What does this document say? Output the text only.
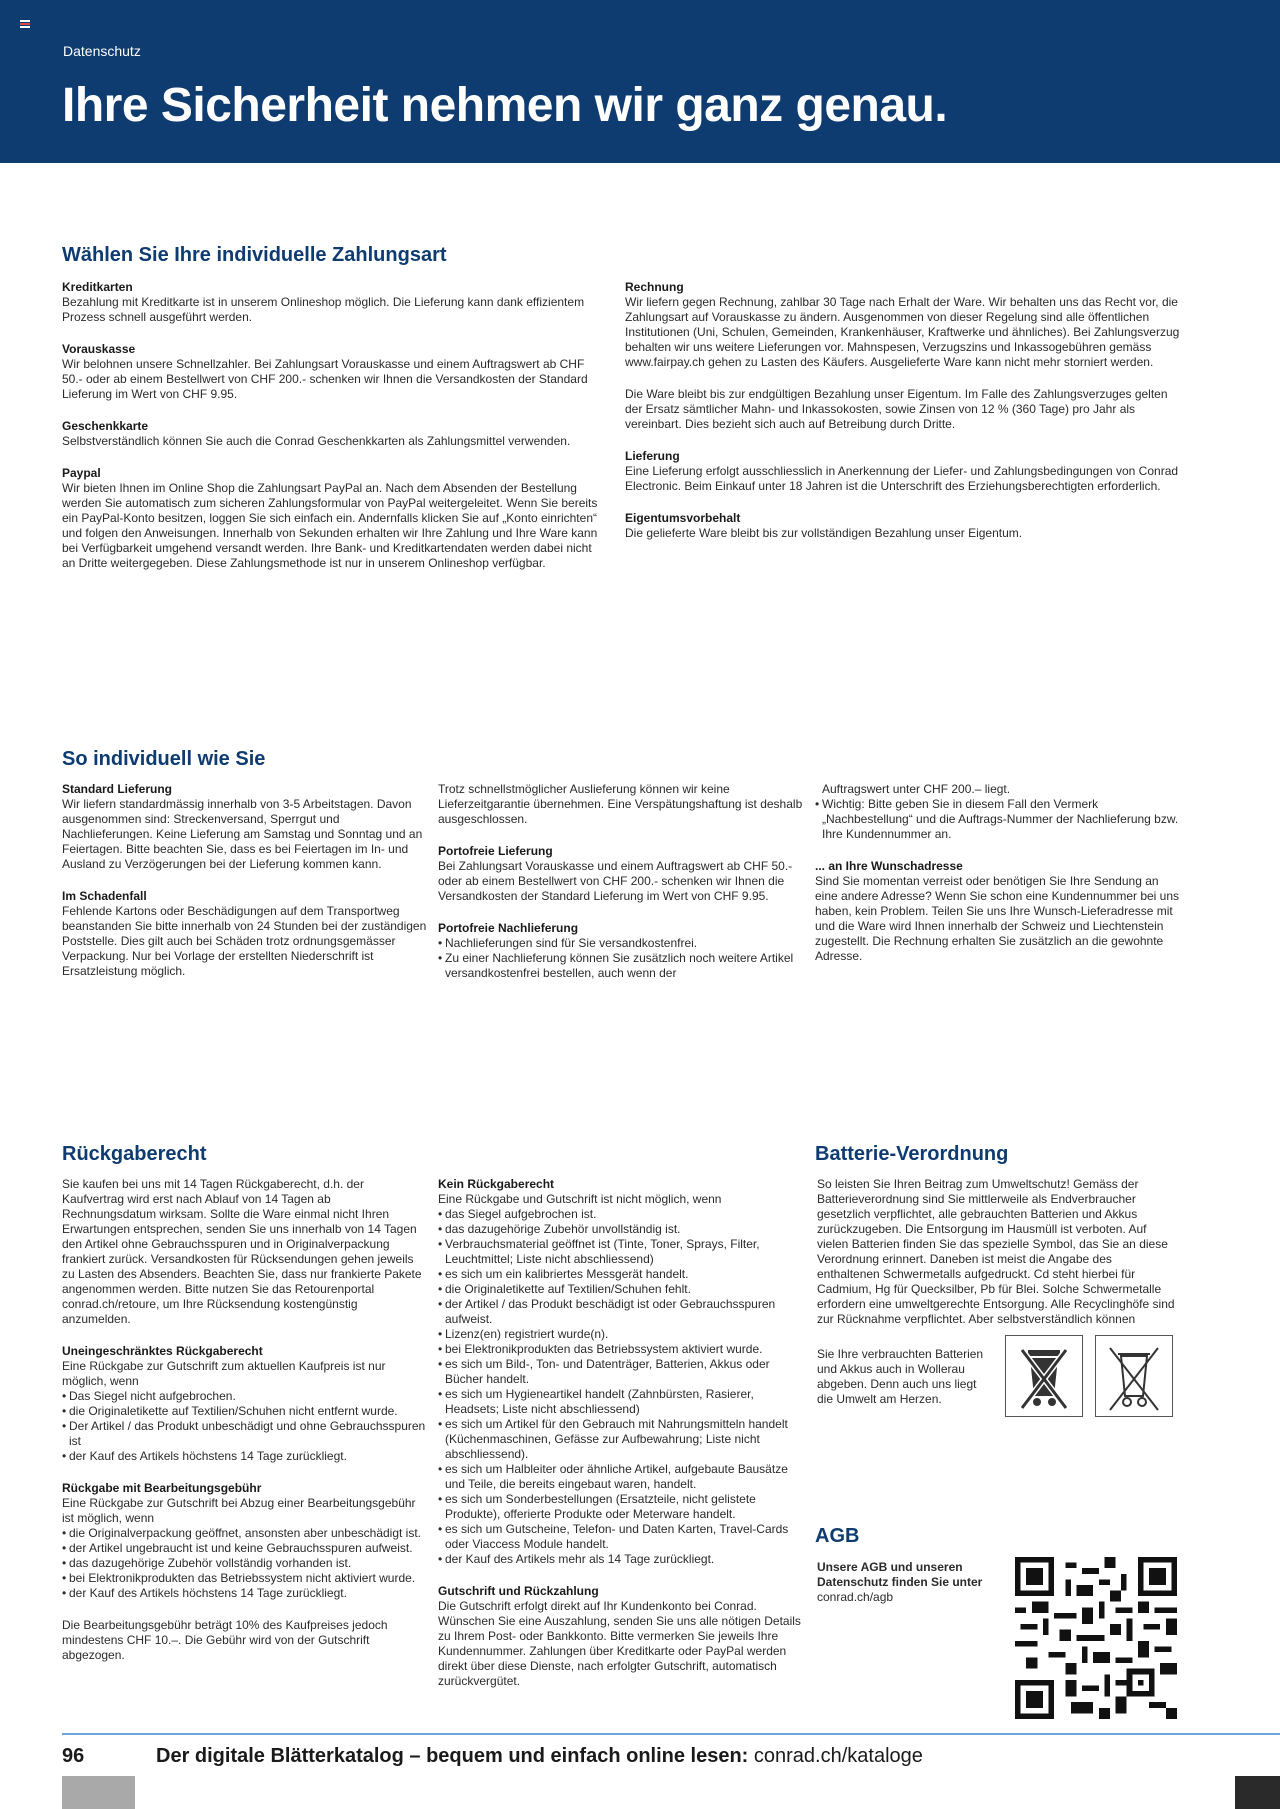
Datenschutz
Ihre Sicherheit nehmen wir ganz genau.
Wählen Sie Ihre individuelle Zahlungsart

Kreditkarten

Bezahlung mit Kreditkarte ist in unserem Onlineshop möglich. Die Lieferung kann dank effizientem Prozess schnell ausgeführt werden.

Vorauskasse

Wir belohnen unsere Schnellzahler. Bei Zahlungsart Vorauskasse und einem Auftragswert ab CHF 50.- oder ab einem Bestellwert von CHF 200.- schenken wir Ihnen die Versandkosten der Standard Lieferung im Wert von CHF 9.95.

Geschenkkarte

Selbstverständlich können Sie auch die Conrad Geschenkkarten als Zahlungsmittel verwenden.

Paypal

Wir bieten Ihnen im Online Shop die Zahlungsart PayPal an. Nach dem Absenden der Bestellung werden Sie automatisch zum sicheren Zahlungsformular von PayPal weitergeleitet. Wenn Sie bereits ein PayPal-Konto besitzen, loggen Sie sich einfach ein. Andernfalls klicken Sie auf „Konto einrichten“ und folgen den Anweisungen. Innerhalb von Sekunden erhalten wir Ihre Zahlung und Ihre Ware kann bei Verfügbarkeit umgehend versandt werden. Ihre Bank- und Kreditkartendaten werden dabei nicht an Dritte weitergegeben. Diese Zahlungsmethode ist nur in unserem Onlineshop verfügbar.

Rechnung

Wir liefern gegen Rechnung, zahlbar 30 Tage nach Erhalt der Ware. Wir behalten uns das Recht vor, die Zahlungsart auf Vorauskasse zu ändern. Ausgenommen von dieser Regelung sind alle öffentlichen Institutionen (Uni, Schulen, Gemeinden, Krankenhäuser, Kraftwerke und ähnliches). Bei Zahlungsverzug behalten wir uns weitere Lieferungen vor. Mahnspesen, Verzugszins und Inkassogebühren gemäss www.fairpay.ch gehen zu Lasten des Käufers. Ausgelieferte Ware kann nicht mehr storniert werden.

Die Ware bleibt bis zur endgültigen Bezahlung unser Eigentum. Im Falle des Zahlungsverzuges gelten der Ersatz sämtlicher Mahn- und Inkassokosten, sowie Zinsen von 12 % (360 Tage) pro Jahr als vereinbart. Dies bezieht sich auch auf Betreibung durch Dritte.

Lieferung

Eine Lieferung erfolgt ausschliesslich in Anerkennung der Liefer- und Zahlungsbedingungen von Conrad Electronic. Beim Einkauf unter 18 Jahren ist die Unterschrift des Erziehungsberechtigten erforderlich.

Eigentumsvorbehalt

Die gelieferte Ware bleibt bis zur vollständigen Bezahlung unser Eigentum.

So individuell wie Sie

Standard Lieferung

Wir liefern standardmässig innerhalb von 3-5 Arbeitstagen. Davon ausgenommen sind: Streckenversand, Sperrgut und Nachlieferungen. Keine Lieferung am Samstag und Sonntag und an Feiertagen. Bitte beachten Sie, dass es bei Feiertagen im In- und Ausland zu Verzögerungen bei der Lieferung kommen kann.

Im Schadenfall

Fehlende Kartons oder Beschädigungen auf dem Transportweg beanstanden Sie bitte innerhalb von 24 Stunden bei der zuständigen Poststelle. Dies gilt auch bei Schäden trotz ordnungsgemässer Verpackung. Nur bei Vorlage der erstellten Niederschrift ist Ersatzleistung möglich.

Trotz schnellstmöglicher Auslieferung können wir keine Lieferzeitgarantie übernehmen. Eine Verspätungshaftung ist deshalb ausgeschlossen.

Portofreie Lieferung

Bei Zahlungsart Vorauskasse und einem Auftragswert ab CHF 50.- oder ab einem Bestellwert von CHF 200.- schenken wir Ihnen die Versandkosten der Standard Lieferung im Wert von CHF 9.95.

Portofreie Nachlieferung

• Nachlieferungen sind für Sie versandkostenfrei.
• Zu einer Nachlieferung können Sie zusätzlich noch weitere Artikel versandkostenfrei bestellen, auch wenn der

Auftragswert unter CHF 200.– liegt.

• Wichtig: Bitte geben Sie in diesem Fall den Vermerk „Nachbestellung“ und die Auftrags-Nummer der Nachlieferung bzw. Ihre Kundennummer an.

... an Ihre Wunschadresse

Sind Sie momentan verreist oder benötigen Sie Ihre Sendung an eine andere Adresse? Wenn Sie schon eine Kundennummer bei uns haben, kein Problem. Teilen Sie uns Ihre Wunsch-Lieferadresse mit und die Ware wird Ihnen innerhalb der Schweiz und Liechtenstein zugestellt. Die Rechnung erhalten Sie zusätzlich an die gewohnte Adresse.

Rückgaberecht

Sie kaufen bei uns mit 14 Tagen Rückgaberecht, d.h. der Kaufvertrag wird erst nach Ablauf von 14 Tagen ab Rechnungsdatum wirksam. Sollte die Ware einmal nicht Ihren Erwartungen entsprechen, senden Sie uns innerhalb von 14 Tagen den Artikel ohne Gebrauchsspuren und in Originalverpackung frankiert zurück. Versandkosten für Rücksendungen gehen jeweils zu Lasten des Absenders. Beachten Sie, dass nur frankierte Pakete angenommen werden. Bitte nutzen Sie das Retourenportal conrad.ch/retoure, um Ihre Rücksendung kostengünstig anzumelden.

Uneingeschränktes Rückgaberecht

Eine Rückgabe zur Gutschrift zum aktuellen Kaufpreis ist nur möglich, wenn

• Das Siegel nicht aufgebrochen.
• die Originaletikette auf Textilien/Schuhen nicht entfernt wurde.
• Der Artikel / das Produkt unbeschädigt und ohne Gebrauchsspuren ist
• der Kauf des Artikels höchstens 14 Tage zurückliegt.

Rückgabe mit Bearbeitungsgebühr

Eine Rückgabe zur Gutschrift bei Abzug einer Bearbeitungsgebühr ist möglich, wenn

• die Originalverpackung geöffnet, ansonsten aber unbeschädigt ist.
• der Artikel ungebraucht ist und keine Gebrauchsspuren aufweist.
• das dazugehörige Zubehör vollständig vorhanden ist.
• bei Elektronikprodukten das Betriebssystem nicht aktiviert wurde.
• der Kauf des Artikels höchstens 14 Tage zurückliegt.

Die Bearbeitungsgebühr beträgt 10% des Kaufpreises jedoch mindestens CHF 10.–. Die Gebühr wird von der Gutschrift abgezogen.

Kein Rückgaberecht

Eine Rückgabe und Gutschrift ist nicht möglich, wenn

• das Siegel aufgebrochen ist.
• das dazugehörige Zubehör unvollständig ist.
• Verbrauchsmaterial geöffnet ist (Tinte, Toner, Sprays, Filter, Leuchtmittel; Liste nicht abschliessend)
• es sich um ein kalibriertes Messgerät handelt.
• die Originaletikette auf Textilien/Schuhen fehlt.
• der Artikel / das Produkt beschädigt ist oder Gebrauchsspuren aufweist.
• Lizenz(en) registriert wurde(n).
• bei Elektronikprodukten das Betriebssystem aktiviert wurde.
• es sich um Bild-, Ton- und Datenträger, Batterien, Akkus oder Bücher handelt.
• es sich um Hygieneartikel handelt (Zahnbürsten, Rasierer, Headsets; Liste nicht abschliessend)
• es sich um Artikel für den Gebrauch mit Nahrungsmitteln handelt (Küchenmaschinen, Gefässe zur Aufbewahrung; Liste nicht abschliessend).
• es sich um Halbleiter oder ähnliche Artikel, aufgebaute Bausätze und Teile, die bereits eingebaut waren, handelt.
• es sich um Sonderbestellungen (Ersatzteile, nicht gelistete Produkte), offerierte Produkte oder Meterware handelt.
• es sich um Gutscheine, Telefon- und Daten Karten, Travel-Cards oder Viaccess Module handelt.
• der Kauf des Artikels mehr als 14 Tage zurückliegt.

Gutschrift und Rückzahlung

Die Gutschrift erfolgt direkt auf Ihr Kundenkonto bei Conrad. Wünschen Sie eine Auszahlung, senden Sie uns alle nötigen Details zu Ihrem Post- oder Bankkonto. Bitte vermerken Sie jeweils Ihre Kundennummer. Zahlungen über Kreditkarte oder PayPal werden direkt über diese Dienste, nach erfolgter Gutschrift, automatisch zurückvergütet.

Batterie-Verordnung

So leisten Sie Ihren Beitrag zum Umweltschutz! Gemäss der Batterieverordnung sind Sie mittlerweile als Endverbraucher gesetzlich verpflichtet, alle gebrauchten Batterien und Akkus zurückzugeben. Die Entsorgung im Hausmüll ist verboten. Auf vielen Batterien finden Sie das spezielle Symbol, das Sie an diese Verordnung erinnert. Daneben ist meist die Angabe des enthaltenen Schwermetalls aufgedruckt. Cd steht hierbei für Cadmium, Hg für Quecksilber, Pb für Blei. Solche Schwermetalle erfordern eine umweltgerechte Entsorgung. Alle Recyclinghöfe sind zur Rücknahme verpflichtet. Aber selbstverständlich können

Sie Ihre verbrauchten Batterien und Akkus auch in Wollerau abgeben. Denn auch uns liegt die Umwelt am Herzen.

AGB

Unsere AGB und unseren Datenschutz finden Sie unter

conrad.ch/agb

96	Der digitale Blätterkatalog – bequem und einfach online lesen: conrad.ch/kataloge
